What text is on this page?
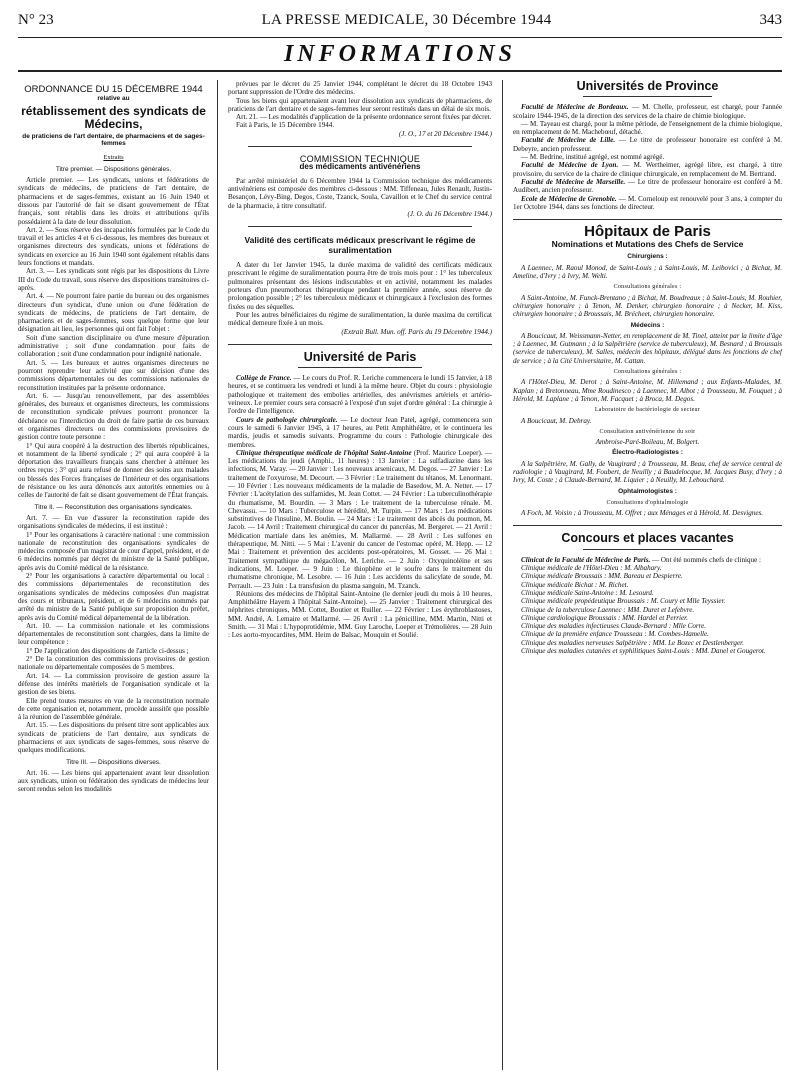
N° 23	LA PRESSE MEDICALE, 30 Décembre 1944	343
INFORMATIONS
ORDONNANCE DU 15 DÉCEMBRE 1944
relative au
rétablissement des syndicats de Médecins,
de praticiens de l'art dentaire, de pharmaciens et de sages-femmes
Extraits
Titre premier. — Dispositions générales.

Article premier. — Les syndicats, unions et fédérations de syndicats de médecins, de praticiens de l'art dentaire, de pharmaciens et de sages-femmes, existant au 16 Juin 1940 et dissous par l'autorité de fait se disant gouvernement de l'État français, sont rétablis dans les droits et attributions qu'ils possédaient à la date de leur dissolution.

Art. 2. — Sous réserve des incapacités formulées par le Code du travail et les articles 4 et 6 ci-dessous, les membres des bureaux et organismes directeurs des syndicats, unions et fédérations de syndicats en exercice au 16 Juin 1940 sont également rétablis dans leurs fonctions et mandats.

Art. 3. — Les syndicats sont régis par les dispositions du Livre III du Code du travail, sous réserve des dispositions transitoires ci-après.

Art. 4. — Ne pourront faire partie du bureau ou des organismes directeurs d'un syndicat, d'une union ou d'une fédération de syndicats de médecins, de praticiens de l'art dentaire, de pharmaciens et de sages-femmes, sous quelque forme que leur désignation ait lieu, les personnes qui ont fait l'objet :

Soit d'une sanction disciplinaire ou d'une mesure d'épuration administrative ; soit d'une condamnation pour faits de collaboration ; soit d'une condamnation pour indignité nationale.

Art. 5. — Les bureaux et autres organismes directeurs ne pourront reprendre leur activité que sur décision d'une des commissions départementales ou des commissions nationales de reconstitution instituées par la présente ordonnance.

Art. 6. — Jusqu'au renouvellement, par des assemblées générales, des bureaux et organismes directeurs, les commissions de reconstitution syndicale prévues pourront prononcer la déchéance ou l'interdiction du droit de faire partie de ces bureaux et organismes directeurs ou des commissions provisoires de gestion contre toute personne :

1° Qui aura coopéré à la destruction des libertés républicaines, et notamment de la liberté syndicale ; 2° qui aura coopéré à la déportation des travailleurs français sans chercher à atténuer les ordres reçus ; 3° qui aura refusé de donner des soins aux malades ou blessés des Forces françaises de l'intérieur et des organisations de résistance ou les aura dénoncés aux autorités ennemies ou à celles de l'autorité de fait se disant gouvernement de l'État français.

Titre II. — Reconstitution des organisations syndicales.

Art. 7. — En vue d'assurer la reconstitution rapide des organisations syndicales de médecins, il est institué :

1° Pour les organisations à caractère national : une commission nationale de reconstitution des organisations syndicales de médecins composée d'un magistrat de cour d'appel, président, et de 6 médecins nommés par décret du ministre de la Santé publique, après avis du Comité médical de la résistance.

2° Pour les organisations à caractère départemental ou local : des commissions départementales de reconstitution des organisations syndicales de médecins composées d'un magistrat des cours et tribunaux, président, et de 6 médecins nommés par arrêté du ministre de la Santé publique sur proposition du préfet, après avis du Comité médical départemental de la libération.

Art. 10. — La commission nationale et les commissions départementales de reconstitution sont chargées, dans la limite de leur compétence :

1° De l'application des dispositions de l'article ci-dessus ;

2° De la constitution des commissions provisoires de gestion nationale ou départementale composées de 5 membres.

Art. 14. — La commission provisoire de gestion assure la défense des intérêts matériels de l'organisation syndicale et la gestion de ses biens.

Elle prend toutes mesures en vue de la reconstitution normale de cette organisation et, notamment, procède aussitôt que possible à la réunion de l'assemblée générale.

Art. 15. — Les dispositions du présent titre sont applicables aux syndicats de praticiens de l'art dentaire, aux syndicats de pharmaciens et aux syndicats de sages-femmes, sous réserve de quelques modifications.

Titre III. — Dispositions diverses.

Art. 16. — Les biens qui appartenaient avant leur dissolution aux syndicats, union ou fédération des syndicats de médecins leur seront rendus selon les modalités

prévues par le décret du 25 Janvier 1944, complétant le décret du 18 Octobre 1943 portant suppression de l'Ordre des médecins.

Tous les biens qui appartenaient avant leur dissolution aux syndicats de pharmaciens, de praticiens de l'art dentaire et de sages-femmes leur seront restitués dans un délai de six mois.

Art. 21. — Les modalités d'application de la présente ordonnance seront fixées par décret.

Fait à Paris, le 15 Décembre 1944.

(J. O., 17 et 20 Décembre 1944.)

COMMISSION TECHNIQUE
des médicaments antivénériens

Par arrêté ministériel du 6 Décembre 1944 la Commission technique des médicaments antivénériens est composée des membres ci-dessous : MM. Tiffeneau, Jules Renault, Justin-Besançon, Lévy-Bing, Degos, Coste, Tzanck, Soula, Cavaillon et le Chef du service central de la pharmacie, à titre consultatif.

(J. O. du 16 Décembre 1944.)

Validité des certificats médicaux prescrivant le régime de suralimentation

A dater du 1er Janvier 1945, la durée maxima de validité des certificats médicaux prescrivant le régime de suralimentation pourra être de trois mois pour : 1° les tuberculeux pulmonaires présentant des lésions indiscutables et en activité, notamment les malades porteurs d'un pneumothorax thérapeutique pendant la première année, sous réserve de prolongation possible ; 2° les tuberculeux médicaux et chirurgicaux à l'exclusion des formes fixées ou des séquelles.

Pour les autres bénéficiaires du régime de suralimentation, la durée maxima du certificat médical demeure fixée à un mois.

(Extrait Bull. Mun. off. Paris du 19 Décembre 1944.)

Université de Paris

Collège de France. — Le cours du Prof. R. Leriche commencera le lundi 15 Janvier, à 18 heures, et se continuera les vendredi et lundi à la même heure. Objet du cours : physiologie pathologique et traitement des embolies artérielles, des anévrismes artériels et artério-veineux. Le premier cours sera consacré à l'exposé d'un sujet d'ordre général : La chirurgie à l'ordre de l'intelligence.

Cours de pathologie chirurgicale. — Le docteur Jean Patel, agrégé, commencera son cours le samedi 6 Janvier 1945, à 17 heures, au Petit Amphithéâtre, et le continuera les mardis, jeudis et samedis suivants. Programme du cours : Pathologie chirurgicale des membres.

Clinique thérapeutique médicale de l'hôpital Saint-Antoine (Prof. Maurice Loeper). — Les médications du jeudi (Amphi., 11 heures) : 13 Janvier : La sulfadiazine dans les infections, M. Varay. — 20 Janvier : Les nouveaux arsenicaux, M. Degos. — 27 Janvier : Le traitement de l'oxyurose, M. Decourt. — 3 Février : Le traitement du tétanos, M. Lenormant. — 10 Février : Les nouveaux médicaments de la maladie de Basedow, M. A. Netter. — 17 Février : L'acétylation des sulfamides, M. Jean Cottet. — 24 Février : La tuberculinothérapie du rhumatisme, M. Bourdin. — 3 Mars : Le traitement de la tuberculose rénale. M. Chevassu. — 10 Mars : Tuberculose et hérédité, M. Turpin. — 17 Mars : Les médications substitutives de l'insuline, M. Boulin. — 24 Mars : Le traitement des abcès du poumon, M. Jacob. — 14 Avril : Traitement chirurgical du cancer du pancréas, M. Bergeret. — 21 Avril : Médication martiale dans les anémies, M. Mallarmé. — 28 Avril : Les sulfones en thérapeutique, M. Nitti. — 5 Mai : L'avenir du cancer de l'estomac opéré, M. Hepp. — 12 Mai : Traitement et prévention des accidents post-opératoires, M. Gosset. — 26 Mai : Traitement sympathique du mégacôlon, M. Leriche. — 2 Juin : Oxyquinoléine et ses indications, M. Loeper. — 9 Juin : Le thiophène et le soufre dans le traitement du rhumatisme chronique, M. Lesobre. — 16 Juin : Les accidents du salicylate de soude, M. Perrault. — 23 Juin : La transfusion du plasma sanguin, M. Tzanck.

Réunions des médecins de l'hôpital Saint-Antoine (le dernier jeudi du mois à 10 heures, Amphithéâtre Hayem à l'hôpital Saint-Antoine). — 25 Janvier : Traitement chirurgical des néphrites chroniques, MM. Cottet, Boutier et Ruiller. — 22 Février : Les érythroblastoses, MM. André, A. Lemaire et Mallarmé. — 26 Avril : La pénicilline, MM. Martin, Nitti et Smith. — 31 Mai : L'hypoprotidémie, MM. Guy Laroche, Loeper et Trémolières. — 28 Juin : Les aorto-myocardites, MM. Heim de Balsac, Mouquin et Soulié.

Universités de Province

Faculté de Médecine de Bordeaux. — M. Chelle, professeur, est chargé, pour l'année scolaire 1944-1945, de la direction des services de la chaire de chimie biologique.

— M. Tayeau est chargé, pour la même période, de l'enseignement de la chimie biologique, en remplacement de M. Machebœuf, détaché.

Faculté de Médecine de Lille. — Le titre de professeur honoraire est conféré à M. Debeyre, ancien professeur.

— M. Bedrine, institué agrégé, est nommé agrégé.

Faculté de Médecine de Lyon. — M. Wertheimer, agrégé libre, est chargé, à titre provisoire, du service de la chaire de clinique chirurgicale, en remplacement de M. Bertrand.

Faculté de Médecine de Marseille. — Le titre de professeur honoraire est conféré à M. Audibert, ancien professeur.

Ecole de Médecine de Grenoble. — M. Corneloup est renouvelé pour 3 ans, à compter du 1er Octobre 1944, dans ses fonctions de directeur.

Hôpitaux de Paris
Nominations et Mutations des Chefs de Service
Chirurgiens :

A Laennec, M. Raoul Monod, de Saint-Louis ; à Saint-Louis, M. Leibovici ; à Bichat, M. Ameline, d'Ivry ; à Ivry, M. Welti.

Consultations générales :

A Saint-Antoine, M. Funck-Brentano ; à Bichat, M. Boudreaux ; à Saint-Louis, M. Rouhier, chirurgien honoraire ; à Tenon, M. Denker, chirurgien honoraire ; à Necker, M. Kiss, chirurgien honoraire ; à Broussais, M. Brécheet, chirurgien honoraire.

Médecins :

A Boucicaut, M. Weissmann-Netter, en remplacement de M. Tinel, atteint par la limite d'âge ; à Laennec, M. Gutmann ; à la Salpêtrière (service de tuberculeux), M. Besnard ; à Broussais (service de tuberculeux), M. Salles, médecin des hôpitaux, délégué dans les fonctions de chef de service ; à la Cité Universitaire, M. Cattan.

Consultations générales :

A l'Hôtel-Dieu, M. Derot ; à Saint-Antoine, M. Hillemand ; aux Enfants-Malades, M. Kaplan ; à Bretonneau, Mme Roudinesco ; à Laennec, M. Albot ; à Trousseau, M. Fouquet ; à Hérold, M. Laplane ; à Tenon, M. Facquet ; à Broca, M. Degos.

Laboratoire de bactériologie de secteur

A Boucicaut, M. Debray.

Consultation antivénérienne du soir

Ambroise-Paré-Boileau, M. Bolgert.

Électro-Radiologistes :

A la Salpêtrière, M. Gally, de Vaugirard ; à Trousseau, M. Beau, chef de service central de radiologie ; à Vaugirard, M. Foubert, de Neuilly ; à Baudelocque, M. Jacques Busy, d'Ivry ; à Ivry, M. Coste ; à Claude-Bernard, M. Liquier ; à Neuilly, M. Lebouchard.

Ophtalmologistes :
Consultations d'ophtalmologie

A Foch, M. Voisin ; à Trousseau, M. Offret ; aux Ménages et à Hérold, M. Desvignes.

Concours et places vacantes

Clinicat de la Faculté de Médecine de Paris. — Ont été nommés chefs de clinique :

Clinique médicale de l'Hôtel-Dieu : M. Albahary.

Clinique médicale Broussais : MM. Bareau et Despierre.

Clinique médicale Bichat : M. Richet.

Clinique médicale Saint-Antoine : M. Lesourd.

Clinique médicale propédeutique Broussais : M. Coury et Mlle Teyssier.

Clinique de la tuberculose Laennec : MM. Duret et Lefebvre.

Clinique cardiologique Broussais : MM. Hardel et Perrier.

Clinique des maladies infectieuses Claude-Bernard : Mlle Corre.

Clinique de la première enfance Trousseau : M. Combes-Hamelle.

Clinique des maladies nerveuses Salpêtrière : MM. Le Bozec et Destlenberger.

Clinique des maladies cutanées et syphilitiques Saint-Louis : MM. Danel et Gougerot.
